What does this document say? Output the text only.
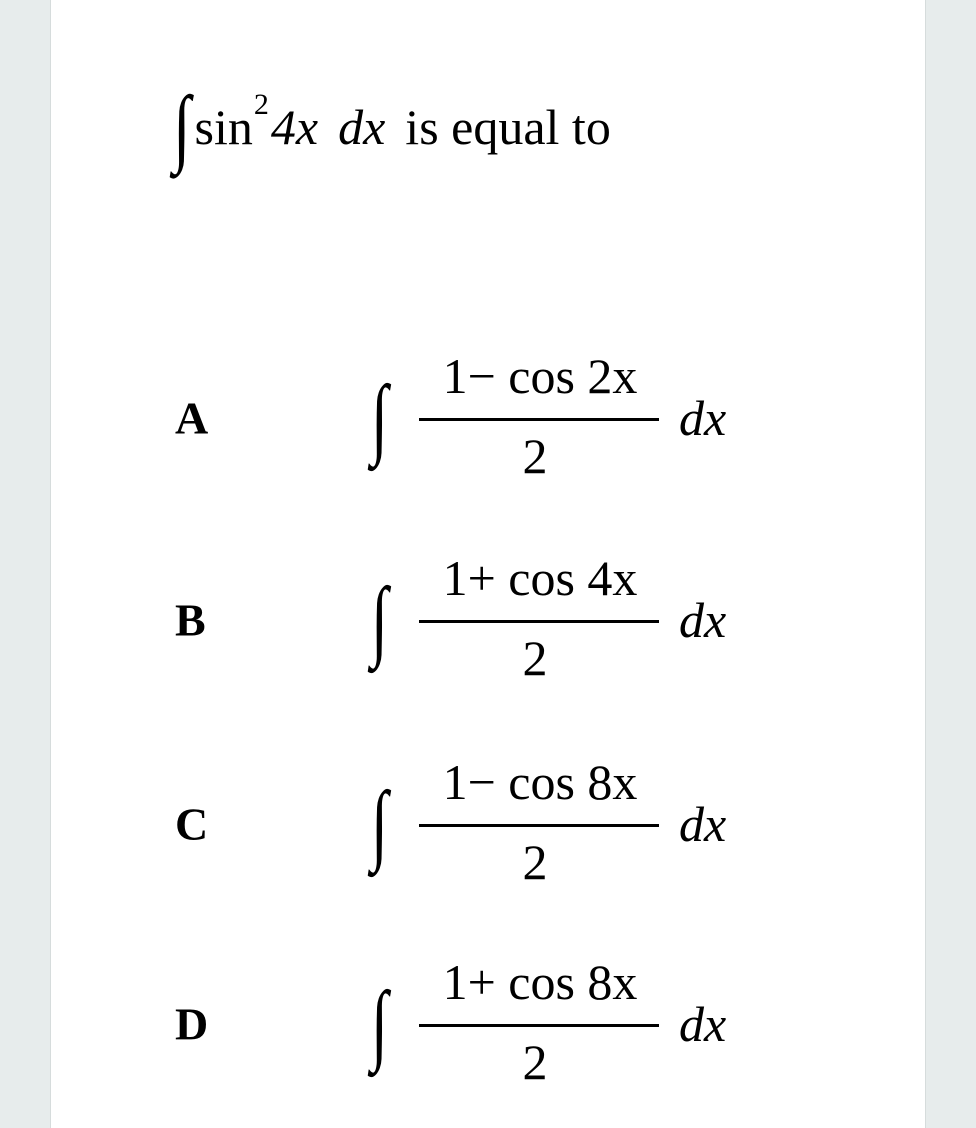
∫ sin 2 4x dx is equal to
A	∫	1− cos 2x
2
dx
B	∫	1+ cos 4x
2
dx
C	∫	1− cos 8x
2
dx
D	∫	1+ cos 8x
2
dx
